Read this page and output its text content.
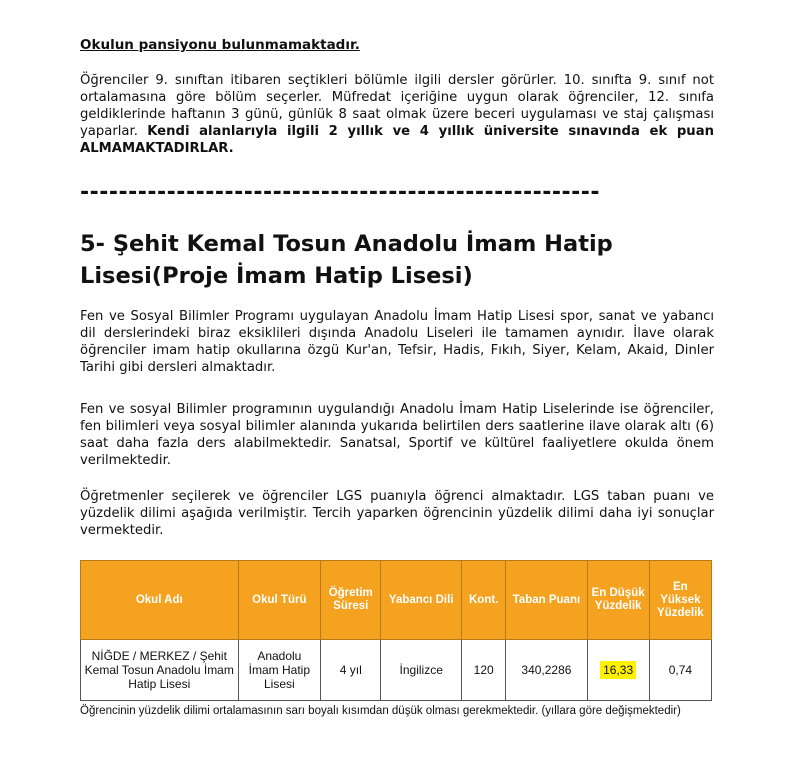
Okulun pansiyonu bulunmamaktadır.
Öğrenciler 9. sınıftan itibaren seçtikleri bölümle ilgili dersler görürler. 10. sınıfta 9. sınıf not ortalamasına göre bölüm seçerler. Müfredat içeriğine uygun olarak öğrenciler, 12. sınıfa geldiklerinde haftanın 3 günü, günlük 8 saat olmak üzere beceri uygulaması ve staj çalışması yaparlar. Kendi alanlarıyla ilgili 2 yıllık ve 4 yıllık üniversite sınavında ek puan ALMAMAKTADIRLAR.
------------------------------------------------------
5- Şehit Kemal Tosun Anadolu İmam Hatip Lisesi(Proje İmam Hatip Lisesi)
Fen ve Sosyal Bilimler Programı uygulayan Anadolu İmam Hatip Lisesi spor, sanat ve yabancı dil derslerindeki biraz eksiklileri dışında Anadolu Liseleri ile tamamen aynıdır. İlave olarak öğrenciler imam hatip okullarına özgü Kur'an, Tefsir, Hadis, Fıkıh, Siyer, Kelam, Akaid, Dinler Tarihi gibi dersleri almaktadır.
Fen ve sosyal Bilimler programının uygulandığı Anadolu İmam Hatip Liselerinde ise öğrenciler, fen bilimleri veya sosyal bilimler alanında yukarıda belirtilen ders saatlerine ilave olarak altı (6) saat daha fazla ders alabilmektedir. Sanatsal, Sportif ve kültürel faaliyetlere okulda önem verilmektedir.
Öğretmenler seçilerek ve öğrenciler LGS puanıyla öğrenci almaktadır. LGS taban puanı ve yüzdelik dilimi aşağıda verilmiştir. Tercih yaparken öğrencinin yüzdelik dilimi daha iyi sonuçlar vermektedir.
Okul Adı	Okul Türü	Öğretim Süresi	Yabancı Dili	Kont.	Taban Puanı	En Düşük Yüzdelik	En Yüksek Yüzdelik
NİĞDE / MERKEZ / Şehit Kemal Tosun Anadolu İmam Hatip Lisesi	Anadolu İmam Hatip Lisesi	4 yıl	İngilizce	120	340,2286	16,33	0,74
Öğrencinin yüzdelik dilimi ortalamasının sarı boyalı kısımdan düşük olması gerekmektedir. (yıllara göre değişmektedir)
